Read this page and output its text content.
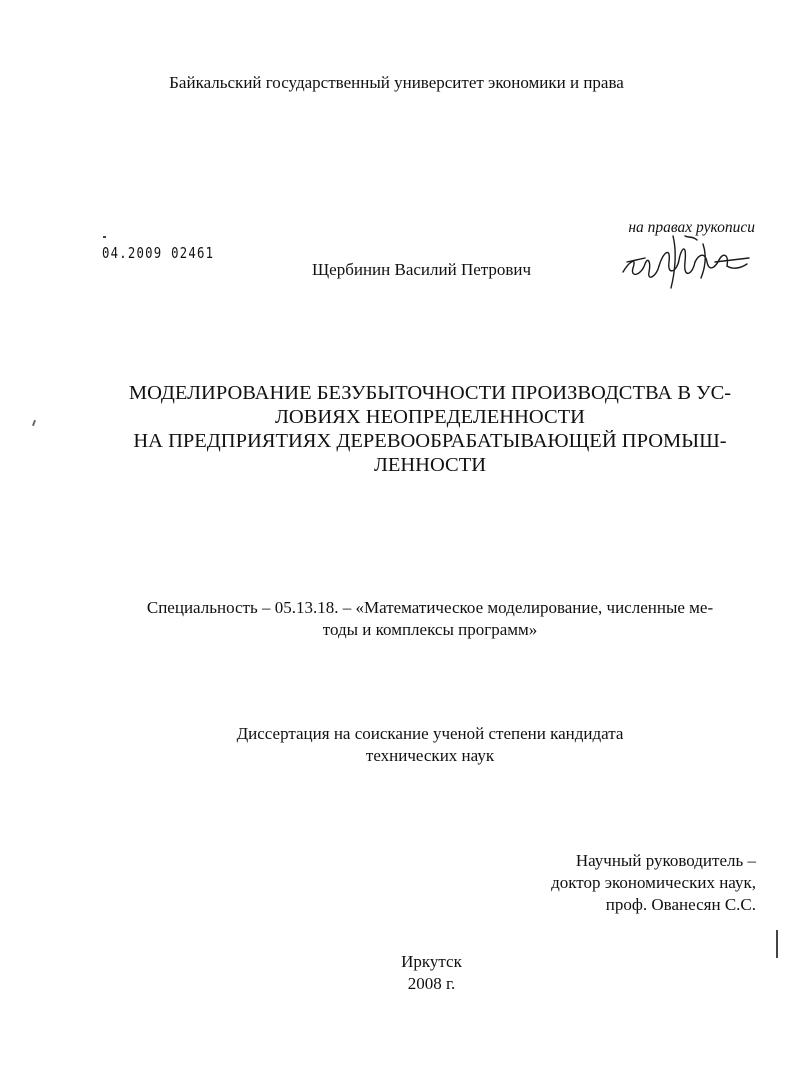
Байкальский государственный университет экономики и права
на правах рукописи
04.2009 02461
Щербинин Василий Петрович
МОДЕЛИРОВАНИЕ БЕЗУБЫТОЧНОСТИ ПРОИЗВОДСТВА В УС-
ЛОВИЯХ НЕОПРЕДЕЛЕННОСТИ
НА ПРЕДПРИЯТИЯХ ДЕРЕВООБРАБАТЫВАЮЩЕЙ ПРОМЫШ-
ЛЕННОСТИ
Специальность – 05.13.18. – «Математическое моделирование, численные ме-
тоды и комплексы программ»
Диссертация на соискание ученой степени кандидата
технических наук
Научный руководитель –
доктор экономических наук,
проф. Ованесян С.С.
Иркутск
2008 г.
